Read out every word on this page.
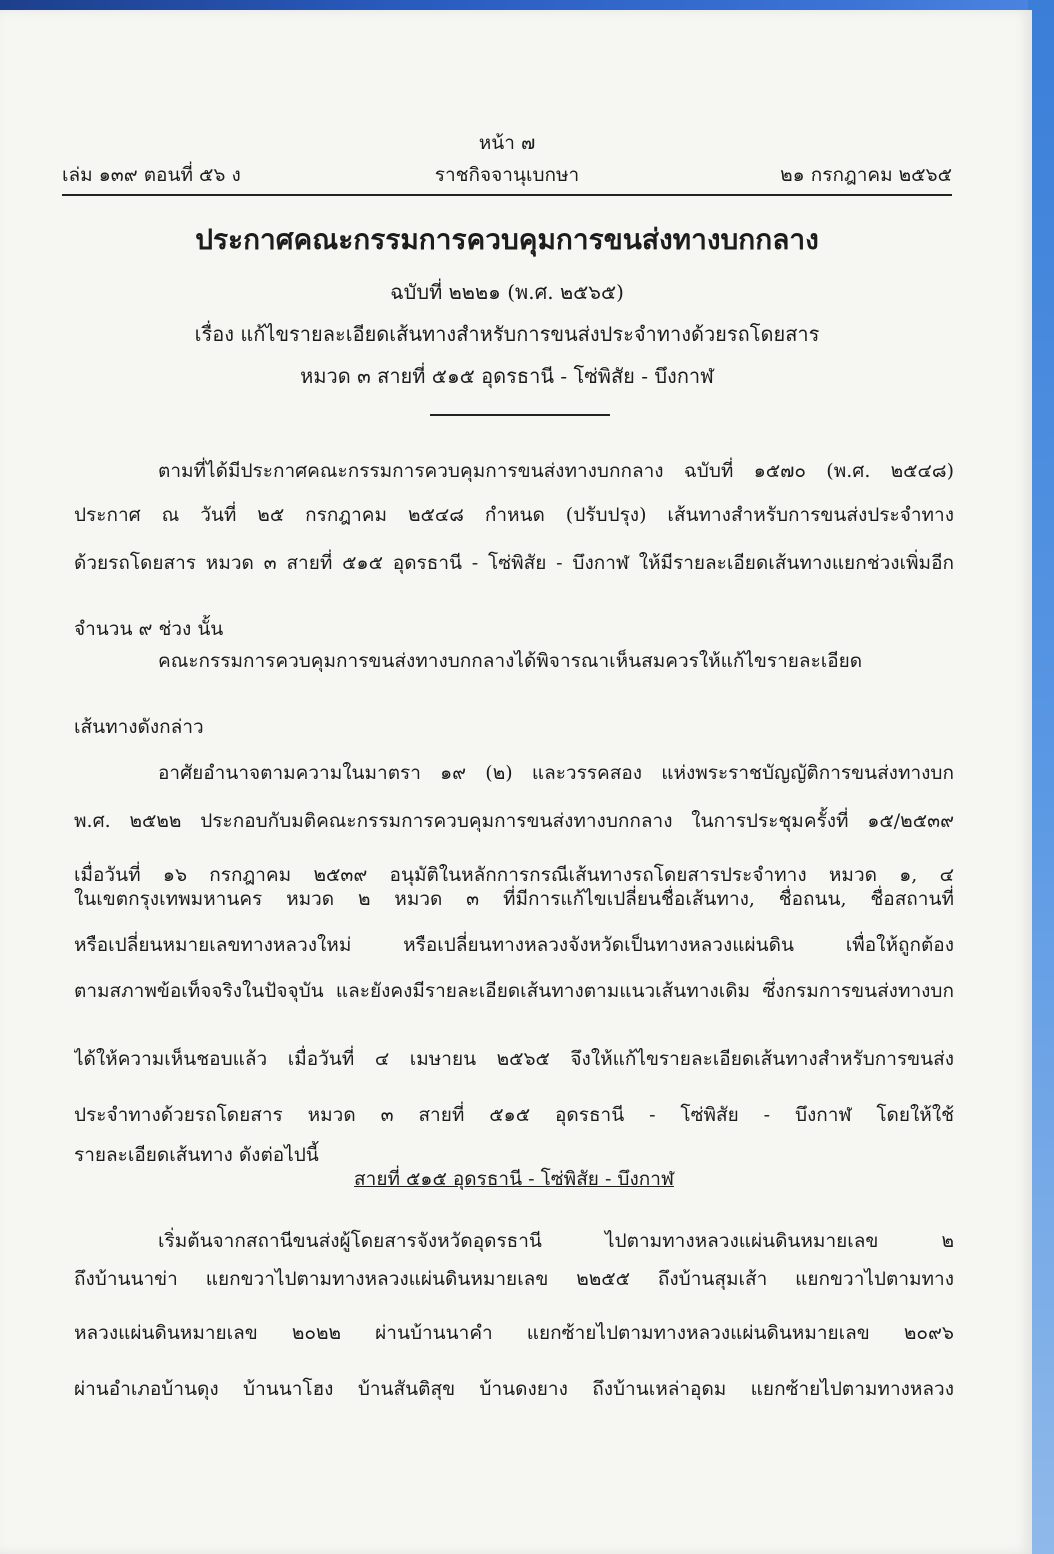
หน้า ๗
เล่ม ๑๓๙ ตอนที่ ๕๖ ง	ราชกิจจานุเบกษา	๒๑ กรกฎาคม ๒๕๖๕
ประกาศคณะกรรมการควบคุมการขนส่งทางบกกลาง
ฉบับที่ ๒๒๒๑ (พ.ศ. ๒๕๖๕)
เรื่อง แก้ไขรายละเอียดเส้นทางสำหรับการขนส่งประจำทางด้วยรถโดยสาร
หมวด ๓ สายที่ ๕๑๕ อุดรธานี - โซ่พิสัย - บึงกาฬ
ตามที่ได้มีประกาศคณะกรรมการควบคุมการขนส่งทางบกกลาง ฉบับที่ ๑๕๗๐ (พ.ศ. ๒๕๔๘)
ประกาศ ณ วันที่ ๒๕ กรกฎาคม ๒๕๔๘ กำหนด (ปรับปรุง) เส้นทางสำหรับการขนส่งประจำทาง
ด้วยรถโดยสาร หมวด ๓ สายที่ ๕๑๕ อุดรธานี - โซ่พิสัย - บึงกาฬ ให้มีรายละเอียดเส้นทางแยกช่วงเพิ่มอีก
จำนวน ๙ ช่วง นั้น
คณะกรรมการควบคุมการขนส่งทางบกกลางได้พิจารณาเห็นสมควรให้แก้ไขรายละเอียด
เส้นทางดังกล่าว
อาศัยอำนาจตามความในมาตรา ๑๙ (๒) และวรรคสอง แห่งพระราชบัญญัติการขนส่งทางบก
พ.ศ. ๒๕๒๒ ประกอบกับมติคณะกรรมการควบคุมการขนส่งทางบกกลาง ในการประชุมครั้งที่ ๑๕/๒๕๓๙
เมื่อวันที่ ๑๖ กรกฎาคม ๒๕๓๙ อนุมัติในหลักการกรณีเส้นทางรถโดยสารประจำทาง หมวด ๑, ๔
ในเขตกรุงเทพมหานคร หมวด ๒ หมวด ๓ ที่มีการแก้ไขเปลี่ยนชื่อเส้นทาง, ชื่อถนน, ชื่อสถานที่
หรือเปลี่ยนหมายเลขทางหลวงใหม่ หรือเปลี่ยนทางหลวงจังหวัดเป็นทางหลวงแผ่นดิน เพื่อให้ถูกต้อง
ตามสภาพข้อเท็จจริงในปัจจุบัน และยังคงมีรายละเอียดเส้นทางตามแนวเส้นทางเดิม ซึ่งกรมการขนส่งทางบก
ได้ให้ความเห็นชอบแล้ว เมื่อวันที่ ๔ เมษายน ๒๕๖๕ จึงให้แก้ไขรายละเอียดเส้นทางสำหรับการขนส่ง
ประจำทางด้วยรถโดยสาร หมวด ๓ สายที่ ๕๑๕ อุดรธานี - โซ่พิสัย - บึงกาฬ โดยให้ใช้
รายละเอียดเส้นทาง ดังต่อไปนี้
สายที่ ๕๑๕ อุดรธานี - โซ่พิสัย - บึงกาฬ
เริ่มต้นจากสถานีขนส่งผู้โดยสารจังหวัดอุดรธานี ไปตามทางหลวงแผ่นดินหมายเลข ๒
ถึงบ้านนาข่า แยกขวาไปตามทางหลวงแผ่นดินหมายเลข ๒๒๕๕ ถึงบ้านสุมเส้า แยกขวาไปตามทาง
หลวงแผ่นดินหมายเลข ๒๐๒๒ ผ่านบ้านนาคำ แยกซ้ายไปตามทางหลวงแผ่นดินหมายเลข ๒๐๙๖
ผ่านอำเภอบ้านดุง บ้านนาโฮง บ้านสันติสุข บ้านดงยาง ถึงบ้านเหล่าอุดม แยกซ้ายไปตามทางหลวง
